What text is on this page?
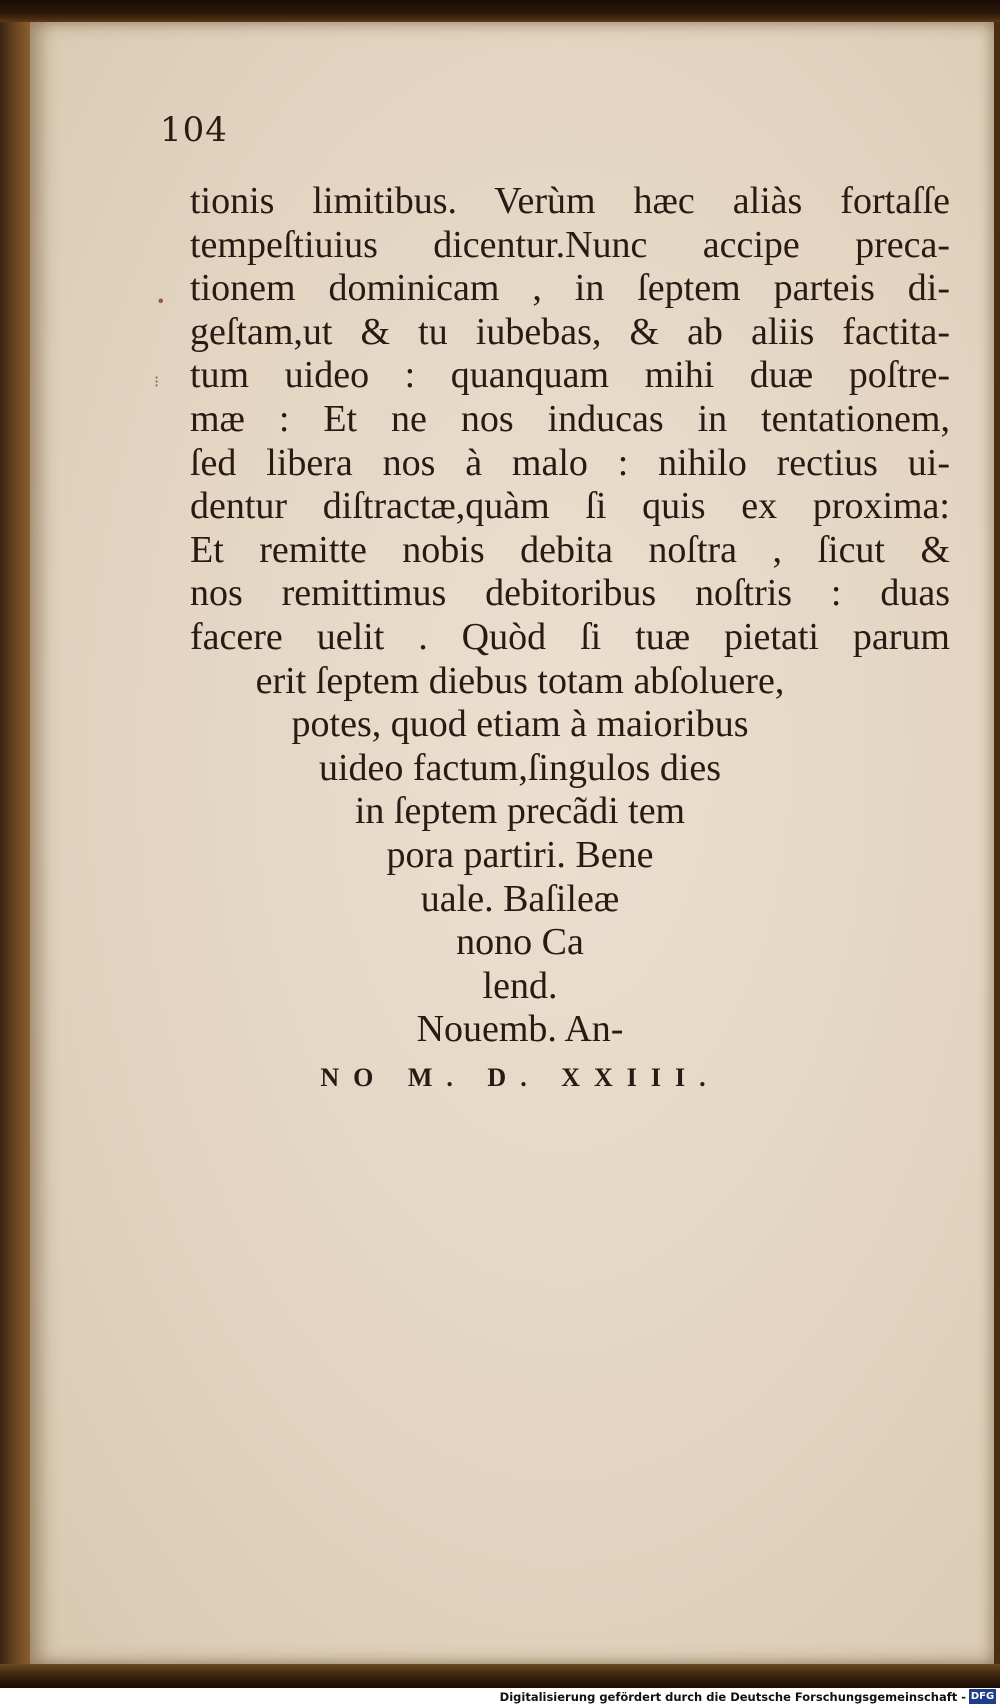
104

•
⁝
tionis limitibus. Verùm hæc aliàs fortaſſe
tempeſtiuius dicentur.Nunc accipe preca-
tionem dominicam , in ſeptem parteis di-
geſtam,ut & tu iubebas, & ab aliis factita-
tum uideo : quanquam mihi duæ poſtre-
mæ : Et ne nos inducas in tentationem,
ſed libera nos à malo : nihilo rectius ui-
dentur diſtractæ,quàm ſi quis ex proxima:
Et remitte nobis debita noſtra , ſicut &
nos remittimus debitoribus noſtris : duas
facere uelit . Quòd ſi tuæ pietati parum
erit ſeptem diebus totam abſoluere,
potes, quod etiam à maioribus
uideo factum,ſingulos dies
in ſeptem precãdi tem
pora partiri. Bene
uale. Baſileæ
nono Ca
lend.
Nouemb. An-
NO M. D. XXIII.
Digitalisierung gefördert durch die Deutsche Forschungsgemeinschaft - DFG
